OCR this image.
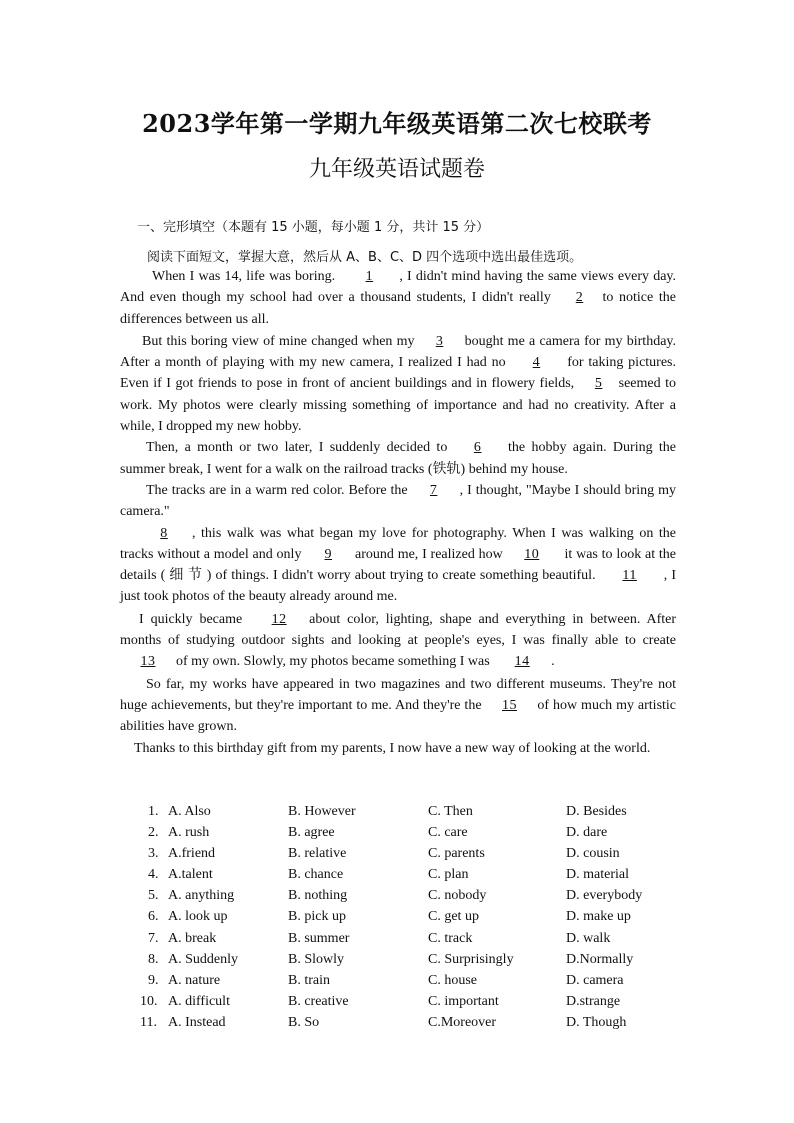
2023学年第一学期九年级英语第二次七校联考
九年级英语试题卷
一、完形填空（本题有 15 小题，每小题 1 分，共计 15 分）
阅读下面短文，掌握大意，然后从 A、B、C、D 四个选项中选出最佳选项。

When I was 14, life was boring. 1 , I didn't mind having the same views every day. And even though my school had over a thousand students, I didn't really 2 to notice the differences between us all.

But this boring view of mine changed when my 3 bought me a camera for my birthday. After a month of playing with my new camera, I realized I had no 4 for taking pictures. Even if I got friends to pose in front of ancient buildings and in flowery fields, 5 seemed to work. My photos were clearly missing something of importance and had no creativity. After a while, I dropped my new hobby.

Then, a month or two later, I suddenly decided to 6 the hobby again. During the summer break, I went for a walk on the railroad tracks (铁轨) behind my house.

The tracks are in a warm red color. Before the 7 , I thought, "Maybe I should bring my camera."

8 , this walk was what began my love for photography. When I was walking on the tracks without a model and only 9 around me, I realized how 10 it was to look at the details ( 细 节 ) of things. I didn't worry about trying to create something beautiful. 11 , I just took photos of the beauty already around me.

I quickly became 12 about color, lighting, shape and everything in between. After months of studying outdoor sights and looking at people's eyes, I was finally able to create 13 of my own. Slowly, my photos became something I was 14 .

So far, my works have appeared in two magazines and two different museums. They're not huge achievements, but they're important to me. And they're the 15 of how much my artistic abilities have grown.

Thanks to this birthday gift from my parents, I now have a new way of looking at the world.

1. A. Also	B. However	C. Then	D. Besides
2. A. rush	B. agree	C. care	D. dare
3. A.friend	B. relative	C. parents	D. cousin
4. A.talent	B. chance	C. plan	D. material
5. A. anything	B. nothing	C. nobody	D. everybody
6. A. look up	B. pick up	C. get up	D. make up
7. A. break	B. summer	C. track	D. walk
8. A. Suddenly	B. Slowly	C. Surprisingly	D.Normally
9. A. nature	B. train	C. house	D. camera
10. A. difficult	B. creative	C. important	D.strange
11. A. Instead	B. So	C.Moreover	D. Though
